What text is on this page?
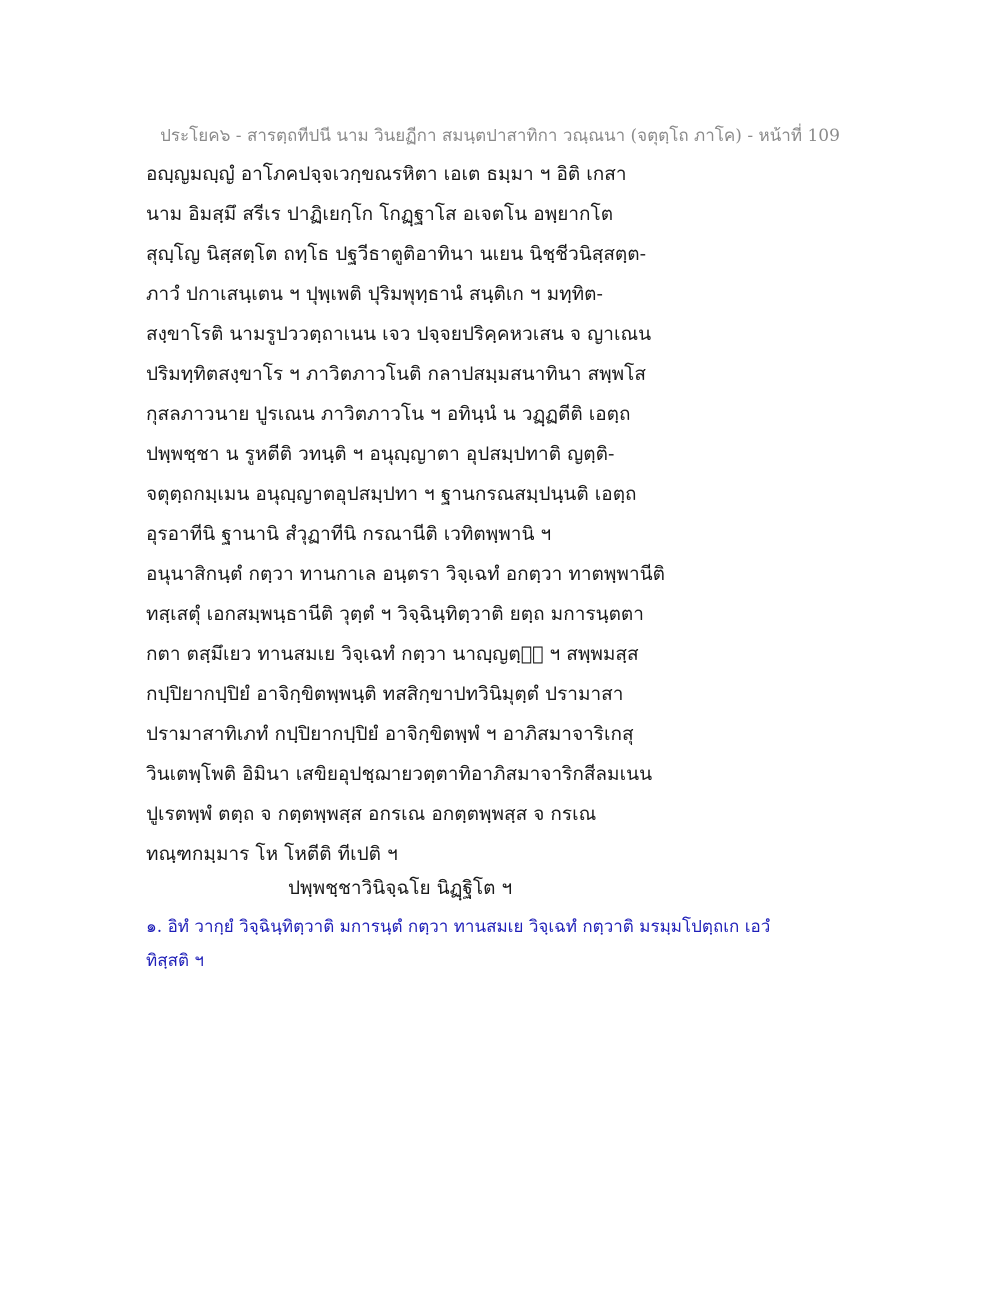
ประโยค๖ - สารตฺถทีปนี นาม วินยฏีกา สมนฺตปาสาทิกา วณฺณนา (จตุตฺโถ ภาโค) - หน้าที่ 109
อญฺญมญฺญํ อาโภคปจฺจเวกฺขณรหิตา เอเต ธมฺมา ฯ อิติ เกสา
นาม อิมสฺมึ สรีเร ปาฏิเยกฺโก โกฏฺฐาโส อเจตโน อพฺยากโต
สุญฺโญ นิสฺสตฺโต ถทฺโธ ปฐวีธาตูติอาทินา นเยน นิชฺชีวนิสฺสตฺต-
ภาวํ ปกาเสนฺเตน ฯ ปุพฺเพติ ปุริมพุทฺธานํ สนฺติเก ฯ มทฺทิต-
สงฺขาโรติ นามรูปววตฺถาเนน เจว ปจฺจยปริคฺคหวเสน จ ญาเณน
ปริมทฺทิตสงฺขาโร ฯ ภาวิตภาวโนติ กลาปสมฺมสนาทินา สพฺพโส
กุสลภาวนาย ปูรเณน ภาวิตภาวโน ฯ อทินฺนํ น วฏฺฏตีติ เอตฺถ
ปพฺพชฺชา น รูหตีติ วทนฺติ ฯ อนุญฺญาตา อุปสมฺปทาติ ญตฺติ-
จตุตฺถกมฺเมน อนุญฺญาตอุปสมฺปทา ฯ ฐานกรณสมฺปนฺนติ เอตฺถ
อุรอาทีนิ ฐานานิ สํวุฏาทีนิ กรณานีติ เวทิตพฺพานิ ฯ
อนุนาสิกนฺตํ กตฺวา ทานกาเล อนฺตรา วิจฺเฉทํ อกตฺวา ทาตพฺพานีติ
ทสฺเสตุํ เอกสมฺพนฺธานีติ วุตฺตํ ฯ วิจฺฉินฺทิตฺวาติ ยตฺถ มการนฺตตา
กตา ตสฺมึเยว ทานสมเย วิจฺเฉทํ กตฺวา นาญฺญตฺร᪵ ฯ สพฺพมสฺส
กปฺปิยากปฺปิยํ อาจิกฺขิตพฺพนฺติ ทสสิกฺขาปทวินิมุตฺตํ ปรามาสา
ปรามาสาทิเภทํ กปฺปิยากปฺปิยํ อาจิกฺขิตพฺพํ ฯ อาภิสมาจาริเกสุ
วินเตพฺโพติ อิมินา เสขิยอุปชฺฌายวตฺตาทิอาภิสมาจาริกสีลมเนน
ปูเรตพฺพํ ตตฺถ จ กตฺตพฺพสฺส อกรเณ อกตฺตพฺพสฺส จ กรเณ
ทณฺฑกมฺมาร โห โหตีติ ทีเปติ ฯ
ปพฺพชฺชาวินิจฺฉโย นิฏฺฐิโต ฯ
๑. อิทํ วากฺยํ วิจฺฉินฺทิตฺวาติ มการนฺตํ กตฺวา ทานสมเย วิจฺเฉทํ กตฺวาติ มรมฺมโปตฺถเก เอวํ
ทิสฺสติ ฯ
